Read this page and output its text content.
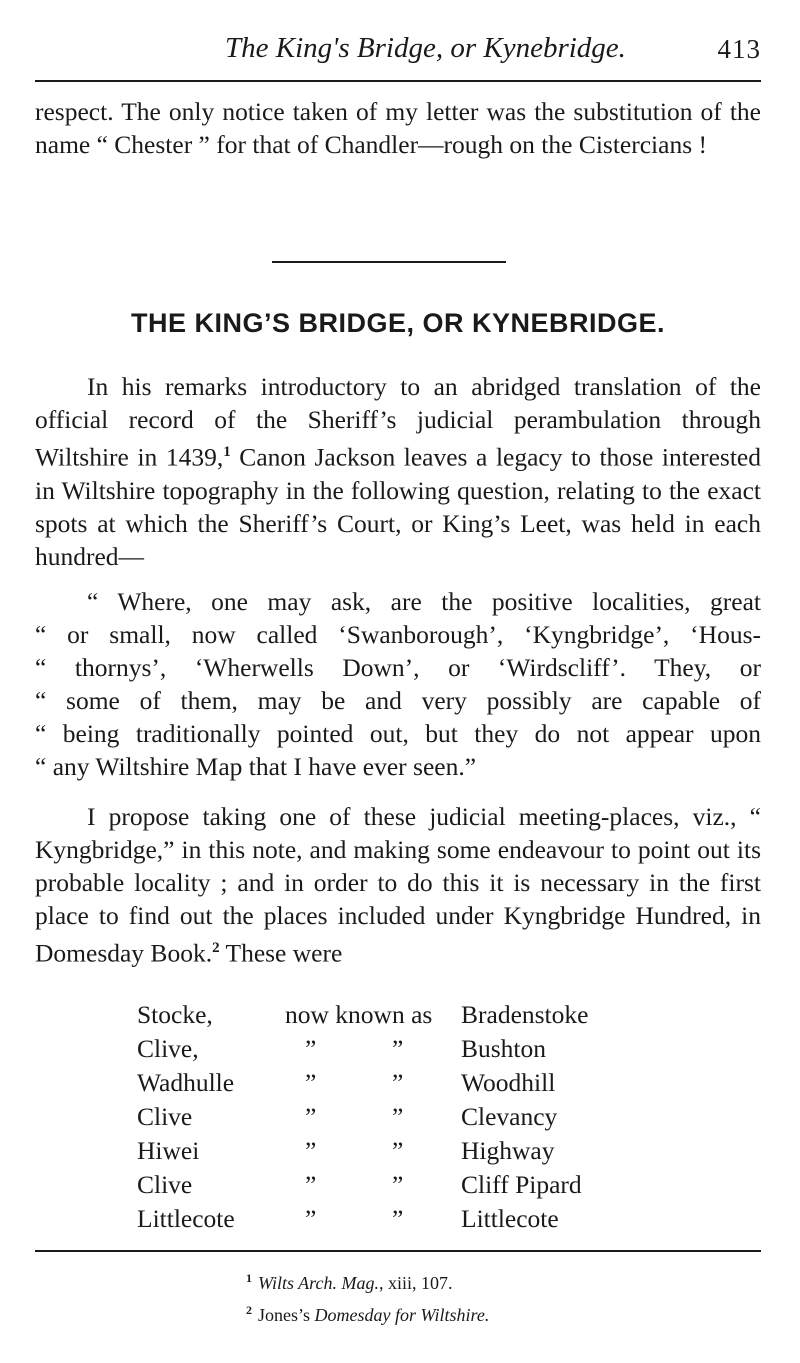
The King's Bridge, or Kynebridge.	413

respect. The only notice taken of my letter was the substitution of the name “ Chester ” for that of Chandler—rough on the Cistercians !

THE KING’S BRIDGE, OR KYNEBRIDGE.

In his remarks introductory to an abridged translation of the official record of the Sheriff’s judicial perambulation through Wiltshire in 1439,$^1$ Canon Jackson leaves a legacy to those interested in Wiltshire topography in the following question, relating to the exact spots at which the Sheriff’s Court, or King’s Leet, was held in each hundred—

“ Where, one may ask, are the positive localities, great
“ or small, now called ‘Swanborough’, ‘Kyngbridge’, ‘Hous-
“ thornys’, ‘Wherwells Down’, or ‘Wirdscliff’. They, or
“ some of them, may be and very possibly are capable of
“ being traditionally pointed out, but they do not appear upon
“ any Wiltshire Map that I have ever seen.”

I propose taking one of these judicial meeting-places, viz., “ Kyngbridge,” in this note, and making some endeavour to point out its probable locality ; and in order to do this it is necessary in the first place to find out the places included under Kyngbridge Hundred, in Domesday Book.$^2$ These were

Stocke,	now known as Bradenstoke
Clive,	”	” Bushton
Wadhulle	”	” Woodhill
Clive	”	” Clevancy
Hiwei	”	” Highway
Clive	”	” Cliff Pipard
Littlecote	”	” Littlecote
$^1$ Wilts Arch. Mag., xiii, 107.
$^2$ Jones’s Domesday for Wiltshire.
